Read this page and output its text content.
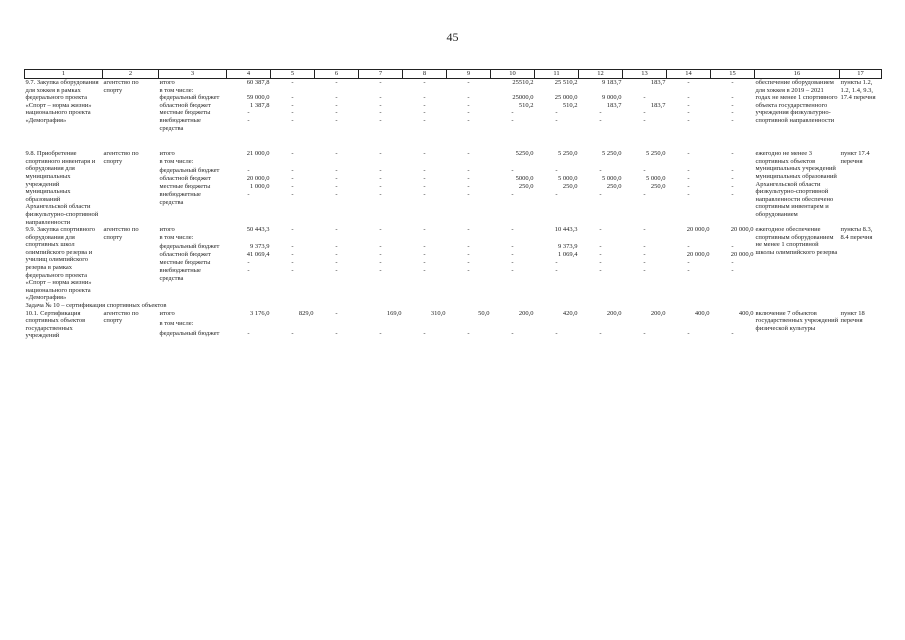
45
1	2	3	4	5	6	7	8	9	10	11	12	13	14	15	16	17
9.7. Закупка оборудования для хоккея в рамках федерального проекта «Спорт – норма жизни» национального проекта «Демография»	агентство по спорту	итого	60 387,8	-	-	-	-	-	25510,2	25 510,2	9 183,7	183,7	-	-	обеспечение оборудованием для хоккея в 2019 – 2021 годах не менее 1 спортивного объекта государственного учреждения физкультурно-спортивной направленности	пункты 1.2, 1.2, 1.4, 9.3, 17.4 перечня
		в том числе:														
		федеральный бюджет	59 000,0	-	-	-	-	-	25000,0	25 000,0	9 000,0	-	-	-		
		областной бюджет	1 387,8	-	-	-	-	-	510,2	510,2	183,7	183,7	-	-		
		местные бюджеты	-	-	-	-	-	-	-	-	-	-	-	-		
		внебюджетные средства	-	-	-	-	-	-	-	-	-	-	-	-		

9.8. Приобретение спортивного инвентаря и оборудования для муниципальных учреждений муниципальных образований Архангельской области физкультурно-спортивной направленности	агентство по спорту	итого	21 000,0	-	-	-	-	-	5250,0	5 250,0	5 250,0	5 250,0	-	-	ежегодно не менее 3 спортивных объектов муниципальных учреждений муниципальных образований Архангельской области физкультурно-спортивной направленности обеспечено спортивным инвентарем и оборудованием	пункт 17.4 перечня
		в том числе:														
		федеральный бюджет	-	-	-	-	-	-	-	-	-	-	-	-		
		областной бюджет	20 000,0	-	-	-	-	-	5000,0	5 000,0	5 000,0	5 000,0	-	-		
		местные бюджеты	1 000,0	-	-	-	-	-	250,0	250,0	250,0	250,0	-	-		
		внебюджетные средства	-	-	-	-	-	-	-	-	-	-	-	-		

9.9. Закупка спортивного оборудования для спортивных школ олимпийского резерва и училищ олимпийского резерва в рамках федерального проекта «Спорт – норма жизни» национального проекта «Демография»	агентство по спорту	итого	50 443,3	-	-	-	-	-	-	10 443,3	-	-	20 000,0	20 000,0	ежегодное обеспечение спортивным оборудованием не менее 1 спортивной школы олимпийского резерва	пункты 8.3, 8.4 перечня
		в том числе:														
		федеральный бюджет	9 373,9	-	-	-	-	-	-	9 373,9	-	-	-	-		
		областной бюджет	41 069,4	-	-	-	-	-	-	1 069,4	-	-	20 000,0	20 000,0		
		местные бюджеты	-	-	-	-	-	-	-	-	-	-	-	-		
		внебюджетные средства	-	-	-	-	-	-	-	-	-	-	-	-		

Задача № 10 – сертификация спортивных объектов																
10.1. Сертификация спортивных объектов государственных учреждений	агентство по спорту	итого	3 176,0	829,0	-	169,0	310,0	50,0	200,0	420,0	200,0	200,0	400,0	400,0	включение 7 объектов государственных учреждений физической культуры	пункт 18 перечня
		в том числе:														
		федеральный бюджет	-	-	-	-	-	-	-	-	-	-	-	-		
